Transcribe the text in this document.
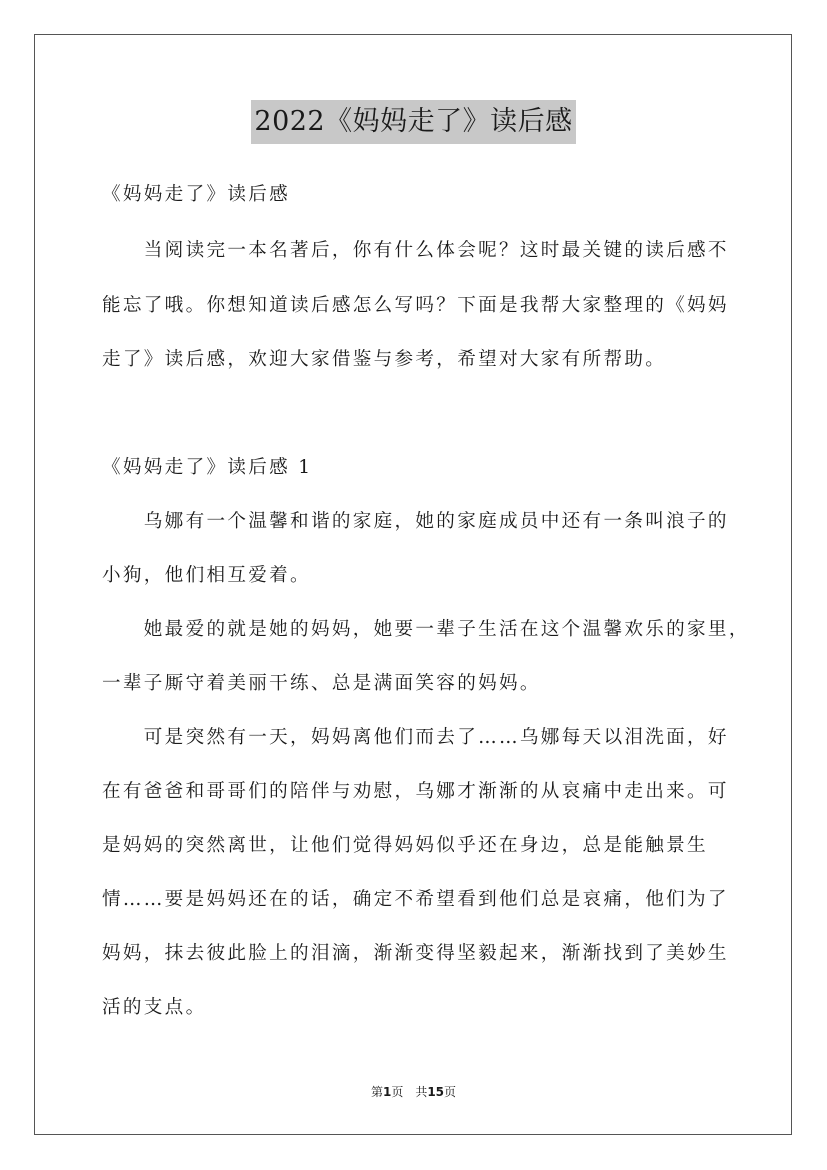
2022《妈妈走了》读后感
《妈妈走了》读后感
　　当阅读完一本名著后，你有什么体会呢？这时最关键的读后感不
能忘了哦。你想知道读后感怎么写吗？下面是我帮大家整理的《妈妈
走了》读后感，欢迎大家借鉴与参考，希望对大家有所帮助。
《妈妈走了》读后感 1
　　乌娜有一个温馨和谐的家庭，她的家庭成员中还有一条叫浪子的
小狗，他们相互爱着。
　　她最爱的就是她的妈妈，她要一辈子生活在这个温馨欢乐的家里，
一辈子厮守着美丽干练、总是满面笑容的妈妈。
　　可是突然有一天，妈妈离他们而去了……乌娜每天以泪洗面，好
在有爸爸和哥哥们的陪伴与劝慰，乌娜才渐渐的从哀痛中走出来。可
是妈妈的突然离世，让他们觉得妈妈似乎还在身边，总是能触景生
情……要是妈妈还在的话，确定不希望看到他们总是哀痛，他们为了
妈妈，抹去彼此脸上的泪滴，渐渐变得坚毅起来，渐渐找到了美妙生
活的支点。
第1页　共15页
